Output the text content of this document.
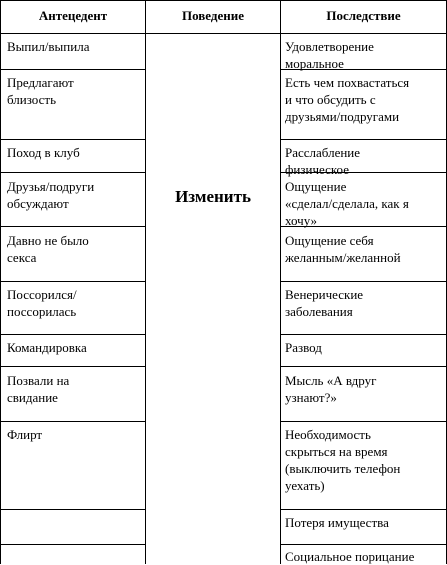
Антецедент	Поведение	Последствие
Выпил/выпила
Предлагают
близость
Поход в клуб
Друзья/подруги
обсуждают
Давно не было
секса
Поссорился/
поссорилась
Командировка
Позвали на
свидание
Флирт
Изменить
Удовлетворение
моральное
Есть чем похвастаться
и что обсудить с
друзьями/подругами
Расслабление
физическое
Ощущение
«сделал/сделала, как я
хочу»
Ощущение себя
желанным/желанной
Венерические
заболевания
Развод
Мысль «А вдруг
узнают?»
Необходимость
скрыться на время
(выключить телефон
уехать)
Потеря имущества
Социальное порицание
